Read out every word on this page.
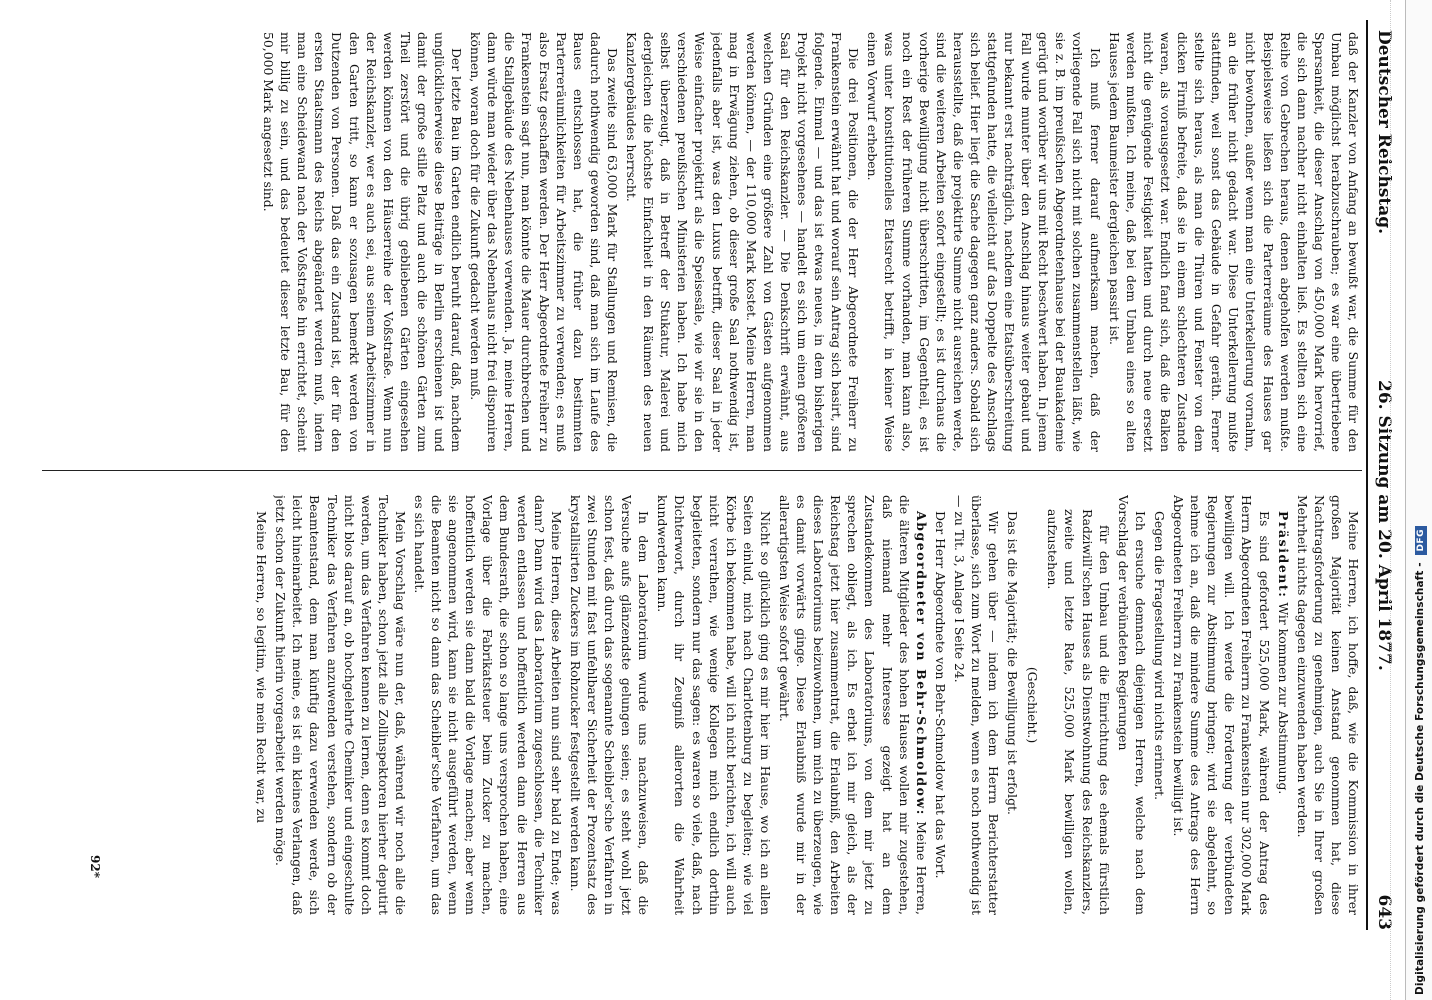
Deutscher Reichstag.
26. Sitzung am 20. April 1877.
643

daß der Kanzler von Anfang an bewußt war, die Summe für den Umbau möglichst herabzuschrauben; es war eine übertriebene Sparsamkeit, die dieser Anschlag von 450,000 Mark hervorrief, die sich dann nachher nicht einhalten ließ. Es stellten sich eine Reihe von Gebrechen heraus, denen abgeholfen werden mußte. Beispielsweise ließen sich die Parterreräume des Hauses gar nicht bewohnen, außer wenn man eine Unterkellerung vornahm, an die früher nicht gedacht war. Diese Unterkellerung mußte stattfinden, weil sonst das Gebäude in Gefahr geräth. Ferner stellte sich heraus, als man die Thüren und Fenster von dem dicken Firniß befreite, daß sie in einem schlechteren Zustande waren, als vorausgesetzt war. Endlich fand sich, daß die Balken nicht die genügende Festigkeit hatten und durch neue ersetzt werden mußten. Ich meine, daß bei dem Umbau eines so alten Hauses jedem Baumeister dergleichen passirt ist.

Ich muß ferner darauf aufmerksam machen, daß der vorliegende Fall sich nicht mit solchen zusammenstellen läßt, wie sie z. B. im preußischen Abgeordnetenhause bei der Bauakademie gerügt und worüber wir uns mit Recht beschwert haben. In jenem Fall wurde munter über den Anschlag hinaus weiter gebaut und nur bekannt erst nachträglich, nachdem eine Etatsüberschreitung stattgefunden hatte, die vielleicht auf das Doppelte des Anschlags sich belief. Hier liegt die Sache dagegen ganz anders. Sobald sich herausstellte, daß die projektirte Summe nicht ausreichen werde, sind die weiteren Arbeiten sofort eingestellt; es ist durchaus die vorherige Bewilligung nicht überschritten, im Gegentheil, es ist noch ein Rest der früheren Summe vorhanden, man kann also, was unter konstitutionelles Etatsrecht betrifft, in keiner Weise einen Vorwurf erheben.

Die drei Positionen, die der Herr Abgeordnete Freiherr zu Frankenstein erwähnt hat und worauf sein Antrag sich basirt, sind folgende. Einmal — und das ist etwas neues, in dem bisherigen Projekt nicht vorgesehenes — handelt es sich um einen größeren Saal für den Reichskanzler. — Die Denkschrift erwähnt, aus welchen Gründen eine größere Zahl von Gästen aufgenommen werden können, — der 110,000 Mark kostet. Meine Herren, man mag in Erwägung ziehen, ob dieser große Saal nothwendig ist, jedenfalls aber ist, was den Luxus betrifft, dieser Saal in jeder Weise einfacher projektirt als die Speisesäle, wie wir sie in den verschiedenen preußischen Ministerien haben. Ich habe mich selbst überzeugt, daß in Betreff der Stukatur, Malerei und dergleichen die höchste Einfachheit in den Räumen des neuen Kanzlergebäudes herrscht.

Das zweite sind 63,000 Mark für Stallungen und Remisen, die dadurch nothwendig geworden sind, daß man sich im Laufe des Baues entschlossen hat, die früher dazu bestimmten Parterreräumlichkeiten für Arbeitszimmer zu verwenden; es muß also Ersatz geschaffen werden. Der Herr Abgeordnete Freiherr zu Frankenstein sagt nun, man könnte die Mauer durchbrechen und die Stallgebäude des Nebenhauses verwenden. Ja, meine Herren, dann würde man wieder über das Nebenhaus nicht frei disponiren können, woran doch für die Zukunft gedacht werden muß.

Der letzte Bau im Garten endlich beruht darauf, daß, nachdem unglücklicherweise diese Beiträge in Berlin erschienen ist und damit der große stille Platz und auch die schönen Gärten zum Theil zerstört und die übrig gebliebenen Gärten eingesehen werden können von den Häuserreihe der Voßstraße. Wenn nun der Reichskanzler, wer es auch sei, aus seinem Arbeitszimmer in den Garten tritt, so kann er sozusagen bemerkt werden von Dutzenden von Personen. Daß das ein Zustand ist, der für den ersten Staatsmann des Reichs abgeändert werden muß, indem man eine Scheidewand nach der Voßstraße hin errichtet, scheint mir billig zu sein, und das bedeutet dieser letzte Bau, für den 50,000 Mark angesetzt sind.

Meine Herren, ich hoffe, daß, wie die Kommission in ihrer großen Majorität keinen Anstand genommen hat, diese Nachtragsforderung zu genehmigen, auch Sie in Ihrer großen Mehrheit nichts dagegen einzuwenden haben werden.

Präsident: Wir kommen zur Abstimmung.

Es sind gefordert 525,000 Mark, während der Antrag des Herrn Abgeordneten Freiherrn zu Frankenstein nur 302,000 Mark bewilligen will. Ich werde die Forderung der verbündeten Regierungen zur Abstimmung bringen; wird sie abgelehnt, so nehme ich an, daß die mindere Summe des Antrags des Herrn Abgeordneten Freiherrn zu Frankenstein bewilligt ist.

Gegen die Fragestellung wird nichts erinnert.

Ich ersuche demnach diejenigen Herren, welche nach dem Vorschlag der verbündeten Regierungen

für den Umbau und die Einrichtung des ehemals fürstlich Radziwill'schen Hauses als Dienstwohnung des Reichskanzlers, zweite und letzte Rate, 525,000 Mark bewilligen wollen, aufzustehen.

(Geschieht.)

Das ist die Majorität; die Bewilligung ist erfolgt.

Wir gehen über — indem ich dem Herrn Berichterstatter überlasse, sich zum Wort zu melden, wenn es noch nothwendig ist — zu Tit. 3, Anlage I Seite 24.

Der Herr Abgeordnete von Behr-Schmoldow hat das Wort.

Abgeordneter von Behr-Schmoldow: Meine Herren, die älteren Mitglieder des hohen Hauses wollen mir zugestehen, daß niemand mehr Interesse gezeigt hat an dem Zustandekommen des Laboratoriums, von dem mir jetzt zu sprechen obliegt, als ich. Es erbat ich mir gleich, als der Reichstag jetzt hier zusammentrat, die Erlaubniß, den Arbeiten dieses Laboratoriums beizuwohnen, um mich zu überzeugen, wie es damit vorwärts ginge. Diese Erlaubniß wurde mir in der allerartigsten Weise sofort gewährt.

Nicht so glücklich ging es mir hier im Hause, wo ich an allen Seiten einlud, mich nach Charlottenburg zu begleiten; wie viel Körbe ich bekommen habe, will ich nicht berichten, ich will auch nicht verrathen, wie wenige Kollegen mich endlich dorthin begleiteten, sondern nur das sagen: es waren so viele, daß, nach Dichterwort, durch ihr Zeugniß allerorten die Wahrheit kundwerden kann.

In dem Laboratorium wurde uns nachzuweisen, daß die Versuche aufs glänzendste gelungen seien; es steht wohl jetzt schon fest, daß durch das sogenannte Scheibler'sche Verfahren in zwei Stunden mit fast unfehlbarer Sicherheit der Prozentsatz des krystallisirten Zuckers im Rohzucker festgestellt werden kann.

Meine Herren, diese Arbeiten nun sind sehr bald zu Ende; was dann? Dann wird das Laboratorium zugeschlossen, die Techniker werden entlassen und hoffentlich werden dann die Herren aus dem Bundesrath, die schon so lange uns versprochen haben, eine Vorlage über die Fabrikatsteuer beim Zucker zu machen, hoffentlich werden sie dann bald die Vorlage machen; aber wenn sie angenommen wird, kann sie nicht ausgeführt werden, wenn die Beamten nicht so dann das Scheibler'sche Verfahren, um das es sich handelt.

Mein Vorschlag wäre nun der, daß, während wir noch alle die Techniker haben, schon jetzt alle Zollinspektoren hierher deputirt werden, um das Verfahren kennen zu lernen, denn es kommt doch nicht blos darauf an, ob hochgelehrte Chemiker und eingeschulte Techniker das Verfahren anzuwenden verstehen, sondern ob der Beamtenstand, dem man künftig dazu verwenden werde, sich leicht hineinarbeitet. Ich meine, es ist ein kleines Verlangen, daß jetzt schon der Zukunft hierin vorgearbeitet werden möge.

Meine Herren, so legitim, wie mein Recht war, zu

92*	Digitalisierung gefördert durch die Deutsche Forschungsgemeinschaft - DFG
